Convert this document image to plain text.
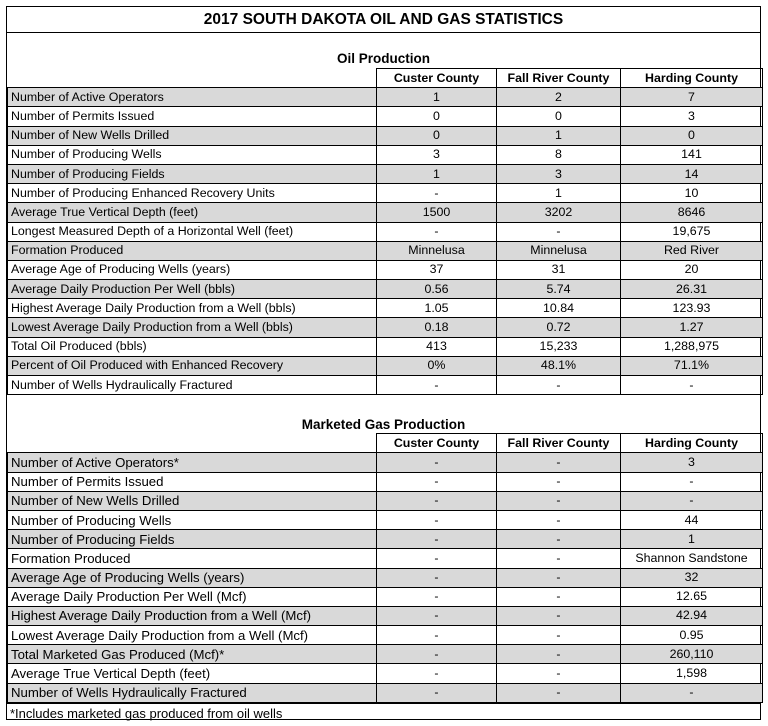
2017 SOUTH DAKOTA OIL AND GAS STATISTICS
Oil Production
	Custer County	Fall River County	Harding County
Number of Active Operators	1	2	7
Number of Permits Issued	0	0	3
Number of New Wells Drilled	0	1	0
Number of Producing Wells	3	8	141
Number of Producing Fields	1	3	14
Number of Producing Enhanced Recovery Units	-	1	10
Average True Vertical Depth (feet)	1500	3202	8646
Longest Measured Depth of a Horizontal Well (feet)	-	-	19,675
Formation Produced	Minnelusa	Minnelusa	Red River
Average Age of Producing Wells (years)	37	31	20
Average Daily Production Per Well (bbls)	0.56	5.74	26.31
Highest Average Daily Production from a Well (bbls)	1.05	10.84	123.93
Lowest Average Daily Production from a Well (bbls)	0.18	0.72	1.27
Total Oil Produced (bbls)	413	15,233	1,288,975
Percent of Oil Produced with Enhanced Recovery	0%	48.1%	71.1%
Number of Wells Hydraulically Fractured	-	-	-
Marketed Gas Production
	Custer County	Fall River County	Harding County
Number of Active Operators*	-	-	3
Number of Permits Issued	-	-	-
Number of New Wells Drilled	-	-	-
Number of Producing Wells	-	-	44
Number of Producing Fields	-	-	1
Formation Produced	-	-	Shannon Sandstone
Average Age of Producing Wells (years)	-	-	32
Average Daily Production Per Well (Mcf)	-	-	12.65
Highest Average Daily Production from a Well (Mcf)	-	-	42.94
Lowest Average Daily Production from a Well (Mcf)	-	-	0.95
Total Marketed Gas Produced (Mcf)*	-	-	260,110
Average True Vertical Depth (feet)	-	-	1,598
Number of Wells Hydraulically Fractured	-	-	-
*Includes marketed gas produced from oil wells
